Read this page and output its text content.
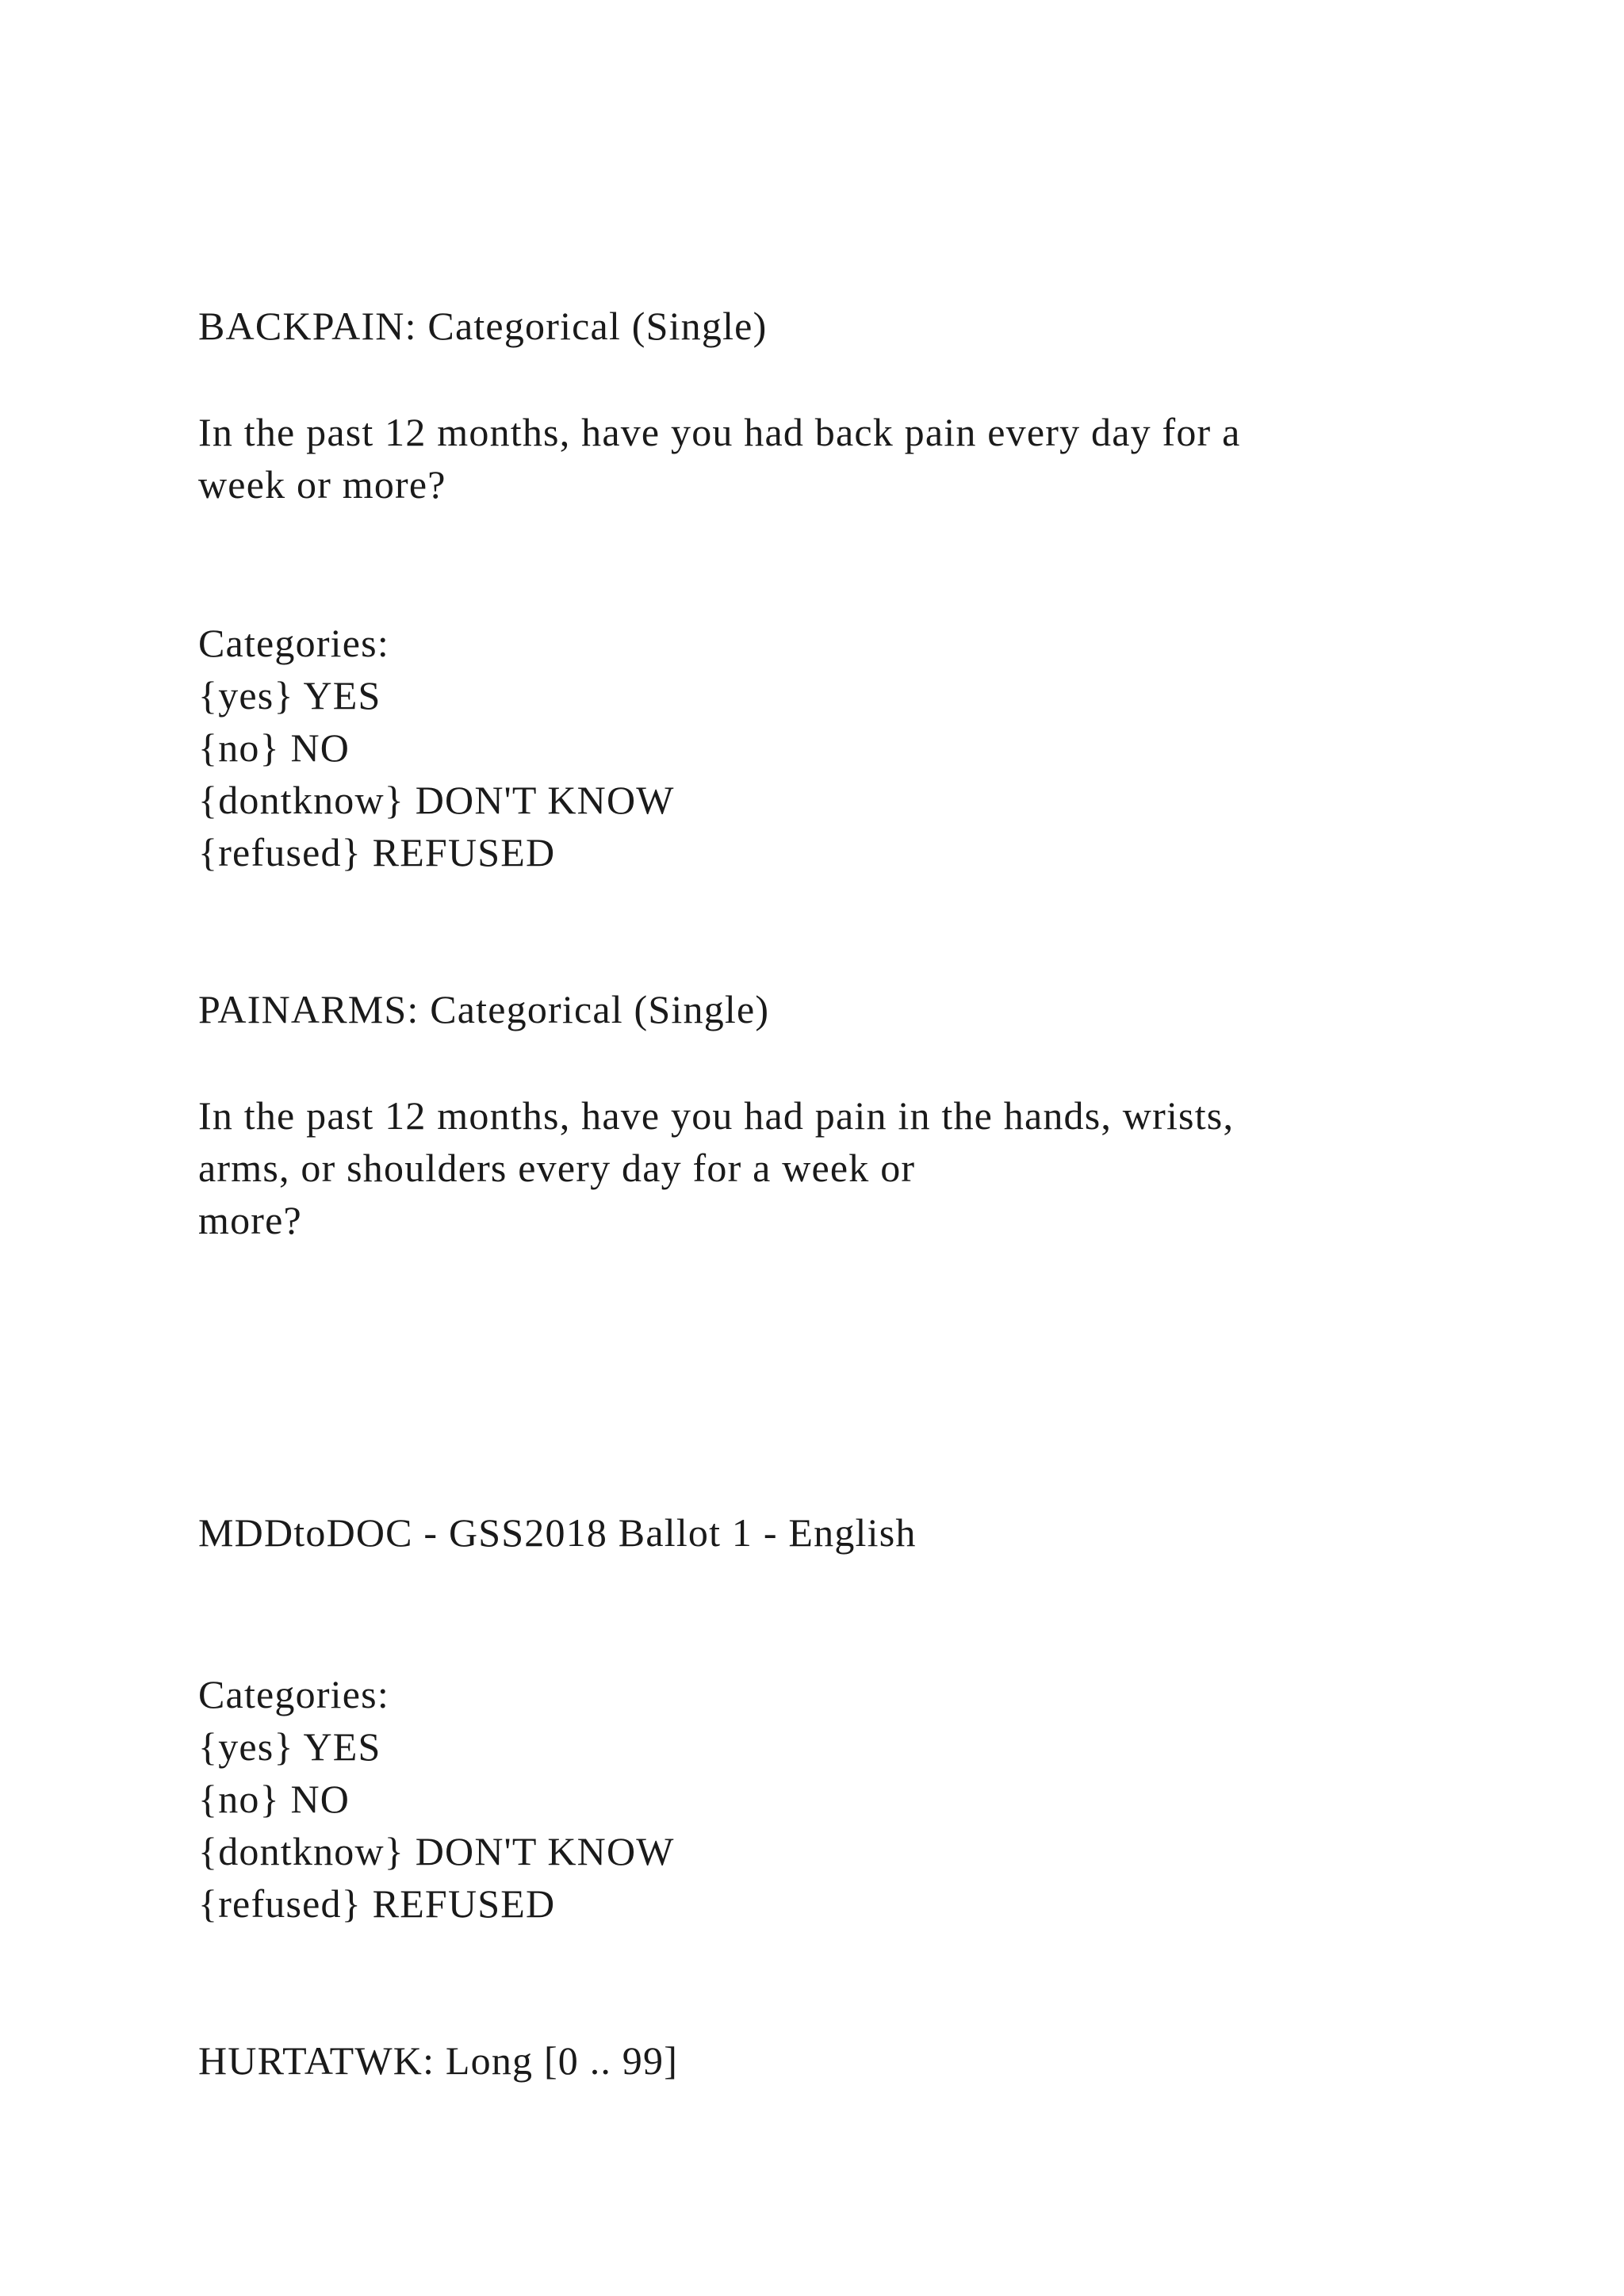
BACKPAIN: Categorical (Single)

In the past 12 months, have you had back pain every day for a

week or more?

Categories:

{yes} YES

{no} NO

{dontknow} DON'T KNOW

{refused} REFUSED

PAINARMS: Categorical (Single)

In the past 12 months, have you had pain in the hands, wrists,

arms, or shoulders every day for a week or

more?

MDDtoDOC - GSS2018 Ballot 1 - English

Categories:

{yes} YES

{no} NO

{dontknow} DON'T KNOW

{refused} REFUSED

HURTATWK: Long [0 .. 99]
